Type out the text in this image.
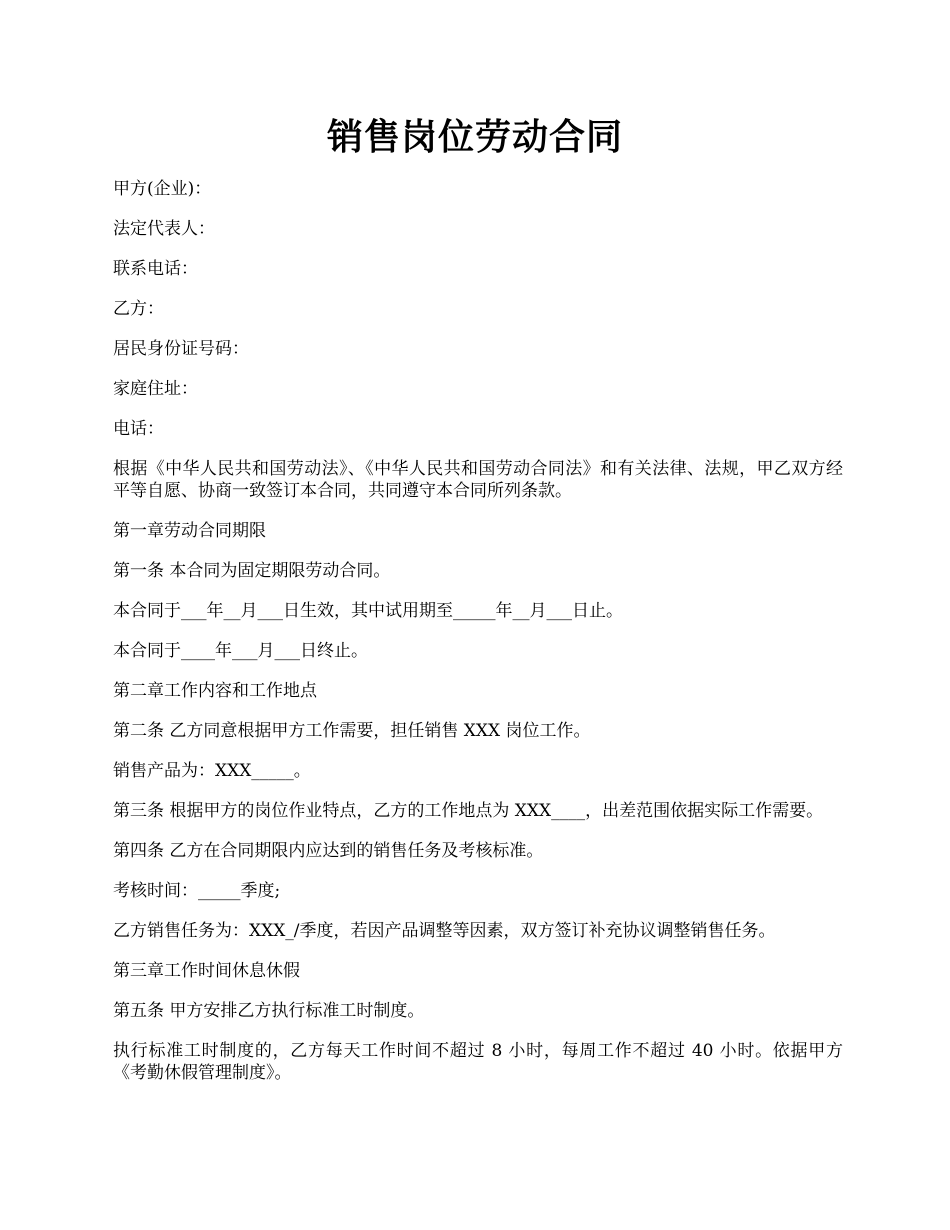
销售岗位劳动合同

甲方(企业)：

法定代表人：

联系电话：

乙方：

居民身份证号码：

家庭住址：

电话：

根据《中华人民共和国劳动法》、《中华人民共和国劳动合同法》和有关法律、法规，甲乙双方经平等自愿、协商一致签订本合同，共同遵守本合同所列条款。

第一章劳动合同期限

第一条 本合同为固定期限劳动合同。

本合同于___年__月___日生效，其中试用期至_____年__月___日止。

本合同于____年___月___日终止。

第二章工作内容和工作地点

第二条 乙方同意根据甲方工作需要，担任销售 XXX 岗位工作。

销售产品为：XXX_____。

第三条 根据甲方的岗位作业特点，乙方的工作地点为 XXX____，出差范围依据实际工作需要。

第四条 乙方在合同期限内应达到的销售任务及考核标准。

考核时间：_____季度;

乙方销售任务为：XXX_/季度，若因产品调整等因素，双方签订补充协议调整销售任务。

第三章工作时间休息休假

第五条 甲方安排乙方执行标准工时制度。

执行标准工时制度的，乙方每天工作时间不超过 8 小时，每周工作不超过 40 小时。依据甲方《考勤休假管理制度》。
